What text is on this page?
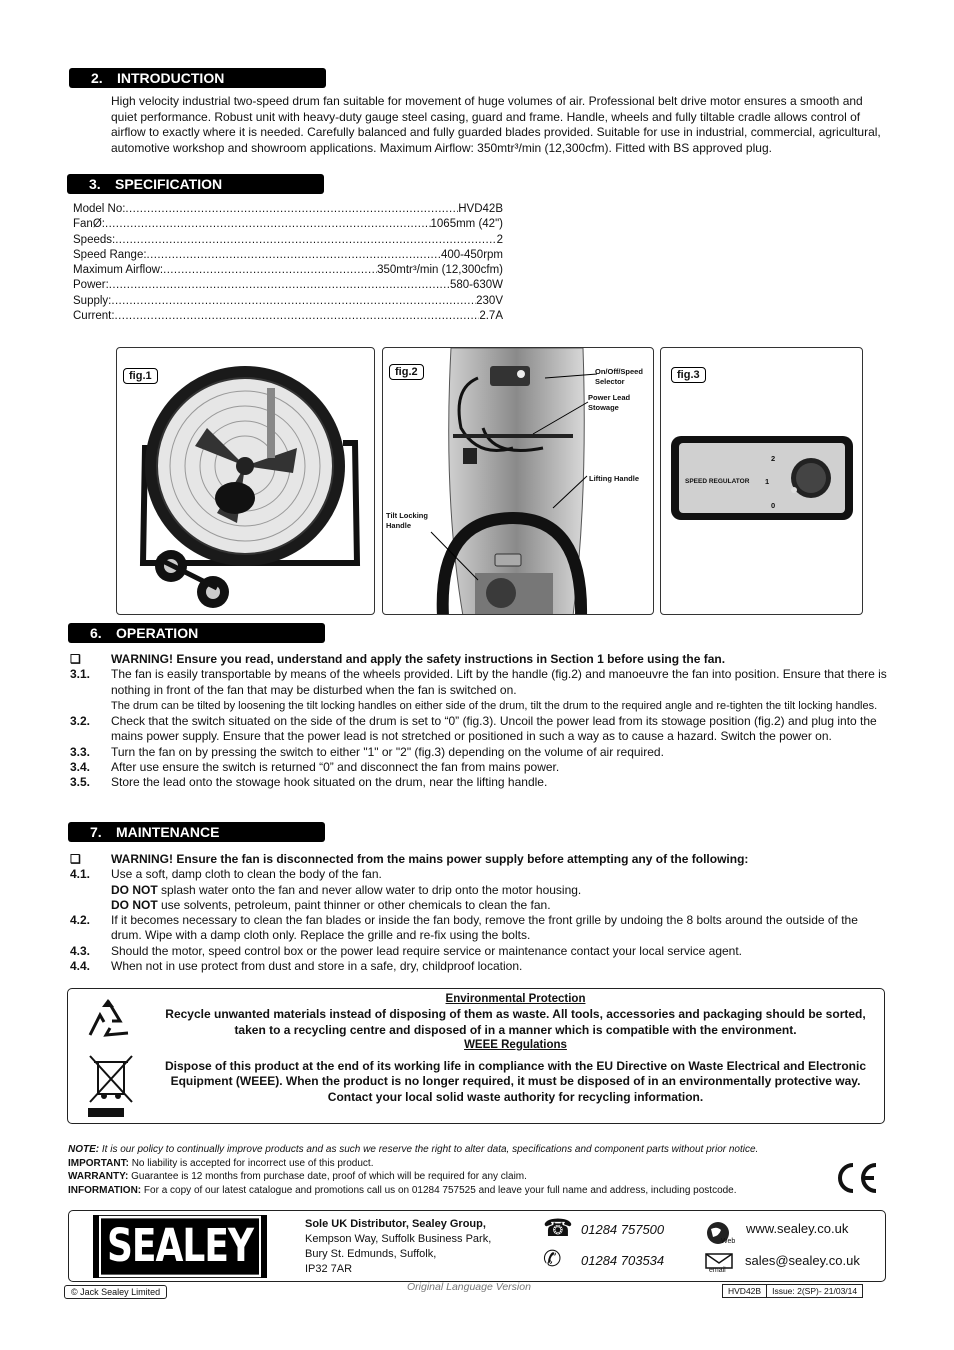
2. INTRODUCTION
High velocity industrial two-speed drum fan suitable for movement of huge volumes of air. Professional belt drive motor ensures a smooth and quiet performance. Robust unit with heavy-duty gauge steel casing, guard and frame. Handle, wheels and fully tiltable cradle allows control of airflow to exactly where it is needed. Carefully balanced and fully guarded blades provided. Suitable for use in industrial, commercial, agricultural, automotive workshop and showroom applications. Maximum Airflow: 350mtr³/min (12,300cfm). Fitted with BS approved plug.
3. SPECIFICATION
Model No: .....	HVD42B
FanØ: .....	1065mm (42")
Speeds: .....	2
Speed Range: .....	400-450rpm
Maximum Airflow: .....	350mtr³/min (12,300cfm)
Power: .....	580-630W
Supply: .....	230V
Current: .....	2.7A
fig.1	fig.2	On/Off/Speed Selector
Power Lead Stowage
Lifting Handle
Tilt Locking Handle
fig.3
SPEED REGULATOR
2
1
0
6. OPERATION
❏	WARNING! Ensure you read, understand and apply the safety instructions in Section 1 before using the fan.
3.1.	The fan is easily transportable by means of the wheels provided. Lift by the handle (fig.2) and manoeuvre the fan into position. Ensure that there is nothing in front of the fan that may be disturbed when the fan is switched on.
The drum can be tilted by loosening the tilt locking handles on either side of the drum, tilt the drum to the required angle and re-tighten the tilt locking handles.
3.2.	Check that the switch situated on the side of the drum is set to “0” (fig.3). Uncoil the power lead from its stowage position (fig.2) and plug into the mains power supply. Ensure that the power lead is not stretched or positioned in such a way as to cause a hazard. Switch the power on.
3.3.	Turn the fan on by pressing the switch to either "1" or "2" (fig.3) depending on the volume of air required.
3.4.	After use ensure the switch is returned “0” and disconnect the fan from mains power.
3.5.	Store the lead onto the stowage hook situated on the drum, near the lifting handle.
7. MAINTENANCE
❏	WARNING! Ensure the fan is disconnected from the mains power supply before attempting any of the following:
4.1.	Use a soft, damp cloth to clean the body of the fan.
DO NOT splash water onto the fan and never allow water to drip onto the motor housing.
DO NOT use solvents, petroleum, paint thinner or other chemicals to clean the fan.
4.2.	If it becomes necessary to clean the fan blades or inside the fan body, remove the front grille by undoing the 8 bolts around the outside of the drum. Wipe with a damp cloth only. Replace the grille and re-fix using the bolts.
4.3.	Should the motor, speed control box or the power lead require service or maintenance contact your local service agent.
4.4.	When not in use protect from dust and store in a safe, dry, childproof location.
Environmental Protection
Recycle unwanted materials instead of disposing of them as waste. All tools, accessories and packaging should be sorted, taken to a recycling centre and disposed of in a manner which is compatible with the environment.
WEEE Regulations
Dispose of this product at the end of its working life in compliance with the EU Directive on Waste Electrical and Electronic Equipment (WEEE). When the product is no longer required, it must be disposed of in an environmentally protective way. Contact your local solid waste authority for recycling information.
NOTE: It is our policy to continually improve products and as such we reserve the right to alter data, specifications and component parts without prior notice.
IMPORTANT: No liability is accepted for incorrect use of this product.
WARRANTY: Guarantee is 12 months from purchase date, proof of which will be required for any claim.
INFORMATION: For a copy of our latest catalogue and promotions call us on 01284 757525 and leave your full name and address, including postcode.
SEALEY	Sole UK Distributor, Sealey Group,
Kempson Way, Suffolk Business Park,
Bury St. Edmunds, Suffolk,
IP32 7AR
☎ 01284 757500
✆ 01284 703534
Web
www.sealey.co.uk
email
sales@sealey.co.uk
© Jack Sealey Limited	Original Language Version	HVD42B	Issue: 2(SP)- 21/03/14
